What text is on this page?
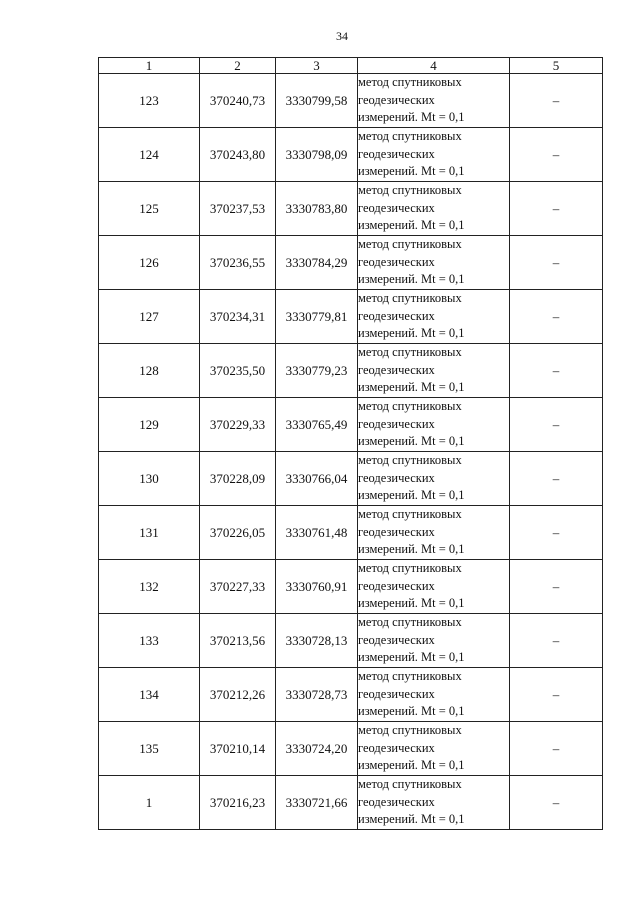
34
1	2	3	4	5
123	370240,73	3330799,58	метод спутниковых
геодезических
измерений. Mt = 0,1	–
124	370243,80	3330798,09	метод спутниковых
геодезических
измерений. Mt = 0,1	–
125	370237,53	3330783,80	метод спутниковых
геодезических
измерений. Mt = 0,1	–
126	370236,55	3330784,29	метод спутниковых
геодезических
измерений. Mt = 0,1	–
127	370234,31	3330779,81	метод спутниковых
геодезических
измерений. Mt = 0,1	–
128	370235,50	3330779,23	метод спутниковых
геодезических
измерений. Mt = 0,1	–
129	370229,33	3330765,49	метод спутниковых
геодезических
измерений. Mt = 0,1	–
130	370228,09	3330766,04	метод спутниковых
геодезических
измерений. Mt = 0,1	–
131	370226,05	3330761,48	метод спутниковых
геодезических
измерений. Mt = 0,1	–
132	370227,33	3330760,91	метод спутниковых
геодезических
измерений. Mt = 0,1	–
133	370213,56	3330728,13	метод спутниковых
геодезических
измерений. Mt = 0,1	–
134	370212,26	3330728,73	метод спутниковых
геодезических
измерений. Mt = 0,1	–
135	370210,14	3330724,20	метод спутниковых
геодезических
измерений. Mt = 0,1	–
1	370216,23	3330721,66	метод спутниковых
геодезических
измерений. Mt = 0,1	–
